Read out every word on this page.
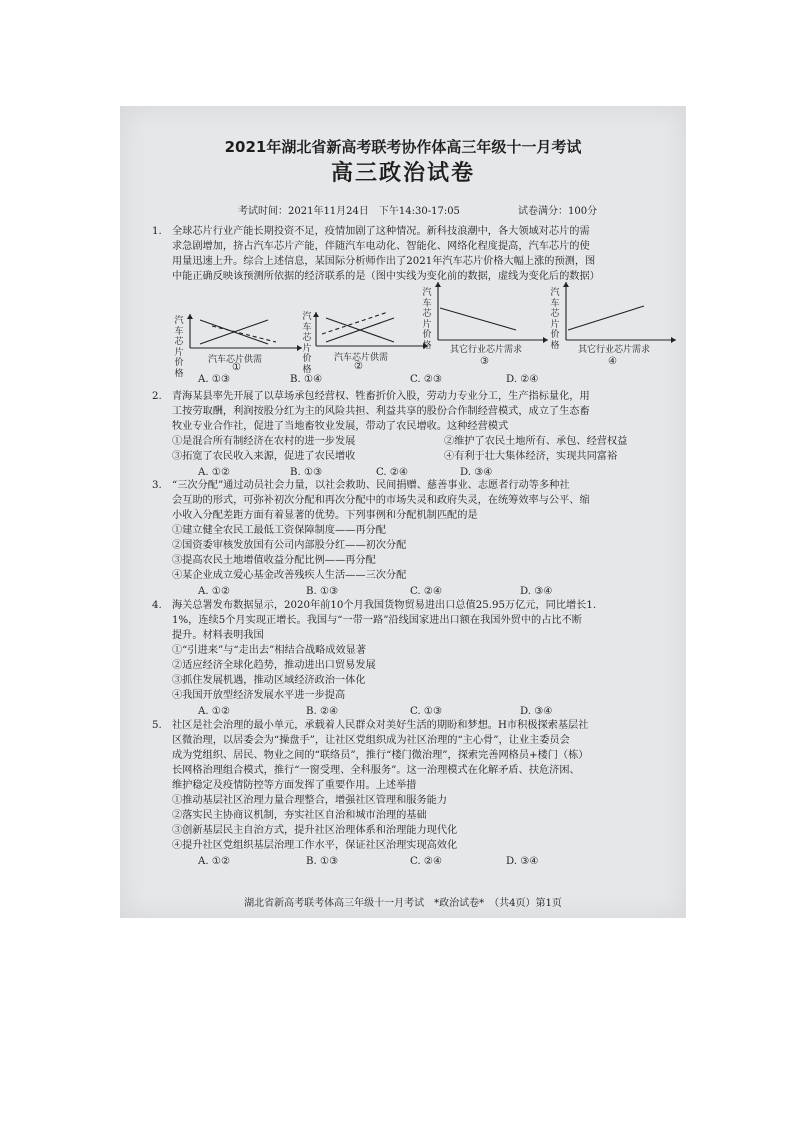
2021年湖北省新高考联考协作体高三年级十一月考试
高三政治试卷
考试时间：2021年11月24日　下午14:30-17:05	试卷满分：100分
1. 全球芯片行业产能长期投资不足，疫情加剧了这种情况。新科技浪潮中，各大领域对芯片的需
求急剧增加，挤占汽车芯片产能，伴随汽车电动化、智能化、网络化程度提高，汽车芯片的使
用量迅速上升。综合上述信息，某国际分析师作出了2021年汽车芯片价格大幅上涨的预测，图
中能正确反映该预测所依据的经济联系的是（图中实线为变化前的数据，虚线为变化后的数据）
汽车芯片价格
汽车芯片供需
①
汽车芯片价格
汽车芯片供需
②
汽车芯片价格 其它行业芯片需求
③
汽车芯片价格 其它行业芯片需求
④
A. ①③	B. ①④	C. ②③	D. ②④
2. 青海某县率先开展了以草场承包经营权、牲畜折价入股，劳动力专业分工，生产指标量化，用
工按劳取酬，利润按股分红为主的风险共担、利益共享的股份合作制经营模式，成立了生态畜
牧业专业合作社，促进了当地畜牧业发展，带动了农民增收。这种经营模式
①是混合所有制经济在农村的进一步发展	②维护了农民土地所有、承包、经营权益
③拓宽了农民收入来源，促进了农民增收	④有利于壮大集体经济，实现共同富裕
A. ①②	B. ①③	C. ②④	D. ③④
3. “三次分配”通过动员社会力量，以社会救助、民间捐赠、慈善事业、志愿者行动等多种社
会互助的形式，可弥补初次分配和再次分配中的市场失灵和政府失灵，在统筹效率与公平、缩
小收入分配差距方面有着显著的优势。下列事例和分配机制匹配的是
①建立健全农民工最低工资保障制度——再分配
②国资委审核发放国有公司内部股分红——初次分配
③提高农民土地增值收益分配比例——再分配
④某企业成立爱心基金改善残疾人生活——三次分配
A. ①②	B. ①③	C. ②④	D. ③④
4. 海关总署发布数据显示，2020年前10个月我国货物贸易进出口总值25.95万亿元，同比增长1.
1%，连续5个月实现正增长。我国与“一带一路”沿线国家进出口额在我国外贸中的占比不断
提升。材料表明我国
①“引进来”与“走出去”相结合战略成效显著
②适应经济全球化趋势，推动进出口贸易发展
③抓住发展机遇，推动区域经济政治一体化
④我国开放型经济发展水平进一步提高
A. ①②	B. ②④	C. ①③	D. ③④
5. 社区是社会治理的最小单元，承载着人民群众对美好生活的期盼和梦想。H市积极探索基层社
区微治理，以居委会为“操盘手”，让社区党组织成为社区治理的“主心骨”，让业主委员会
成为党组织、居民、物业之间的“联络员”，推行“楼门微治理”，探索完善网格员+楼门（栋）
长网格治理组合模式，推行“一窗受理、全科服务”。这一治理模式在化解矛盾、扶危济困、
维护稳定及疫情防控等方面发挥了重要作用。上述举措
①推动基层社区治理力量合理整合，增强社区管理和服务能力
②落实民主协商议机制，夯实社区自治和城市治理的基础
③创新基层民主自治方式，提升社区治理体系和治理能力现代化
④提升社区党组织基层治理工作水平，保证社区治理实现高效化
A. ①②	B. ①③	C. ②④	D. ③④
湖北省新高考联考体高三年级十一月考试　*政治试卷*　（共4页）第1页
